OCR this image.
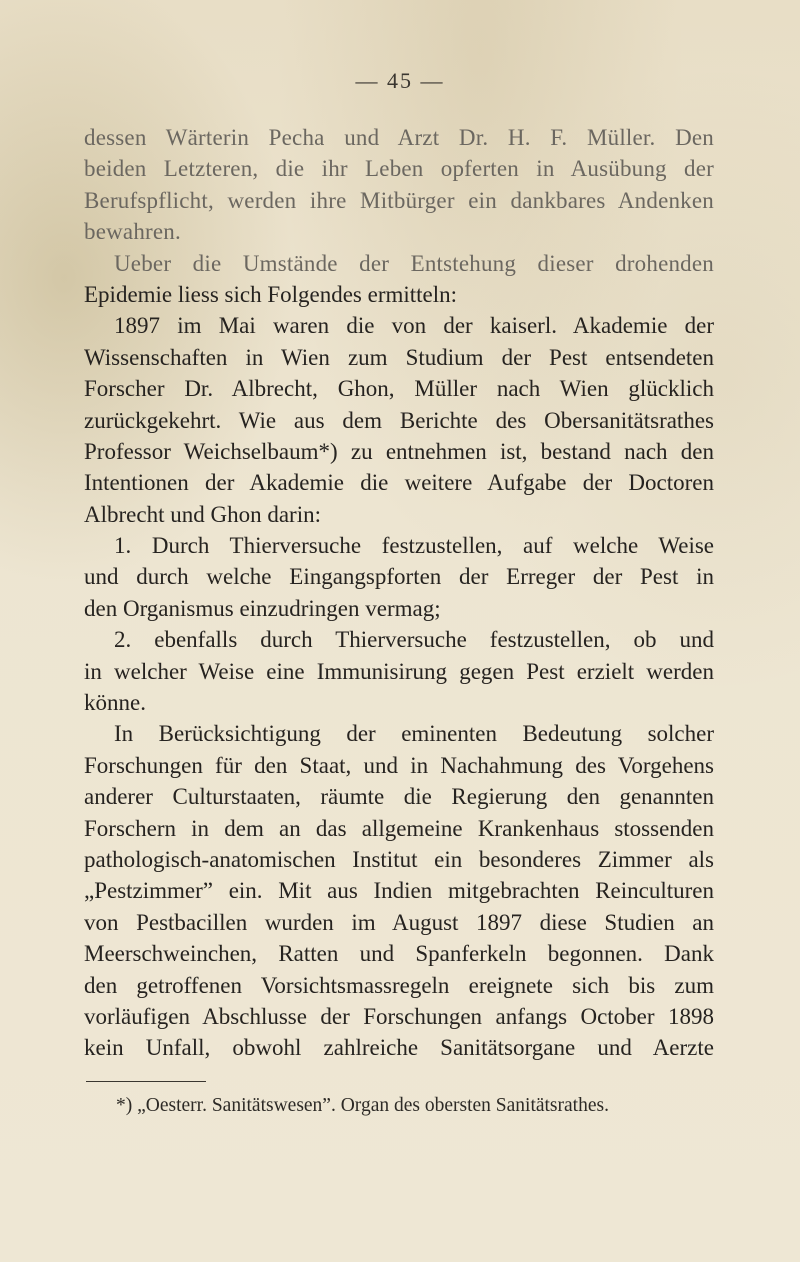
— 45 —
dessen Wärterin Pecha und Arzt Dr. H. F. Müller. Den
beiden Letzteren, die ihr Leben opferten in Ausübung der
Berufspflicht, werden ihre Mitbürger ein dankbares Andenken
bewahren.
Ueber die Umstände der Entstehung dieser drohenden
Epidemie liess sich Folgendes ermitteln:
1897 im Mai waren die von der kaiserl. Akademie der
Wissenschaften in Wien zum Studium der Pest entsendeten
Forscher Dr. Albrecht, Ghon, Müller nach Wien glücklich
zurückgekehrt. Wie aus dem Berichte des Obersanitätsrathes
Professor Weichselbaum*) zu entnehmen ist, bestand nach den
Intentionen der Akademie die weitere Aufgabe der Doctoren
Albrecht und Ghon darin:
1. Durch Thierversuche festzustellen, auf welche Weise
und durch welche Eingangspforten der Erreger der Pest in
den Organismus einzudringen vermag;
2. ebenfalls durch Thierversuche festzustellen, ob und
in welcher Weise eine Immunisirung gegen Pest erzielt werden
könne.
In Berücksichtigung der eminenten Bedeutung solcher
Forschungen für den Staat, und in Nachahmung des Vorgehens
anderer Culturstaaten, räumte die Regierung den genannten
Forschern in dem an das allgemeine Krankenhaus stossenden
pathologisch-anatomischen Institut ein besonderes Zimmer als
„Pestzimmer” ein. Mit aus Indien mitgebrachten Reinculturen
von Pestbacillen wurden im August 1897 diese Studien an
Meerschweinchen, Ratten und Spanferkeln begonnen. Dank
den getroffenen Vorsichtsmassregeln ereignete sich bis zum
vorläufigen Abschlusse der Forschungen anfangs October 1898
kein Unfall, obwohl zahlreiche Sanitätsorgane und Aerzte
*) „Oesterr. Sanitätswesen”. Organ des obersten Sanitätsrathes.
